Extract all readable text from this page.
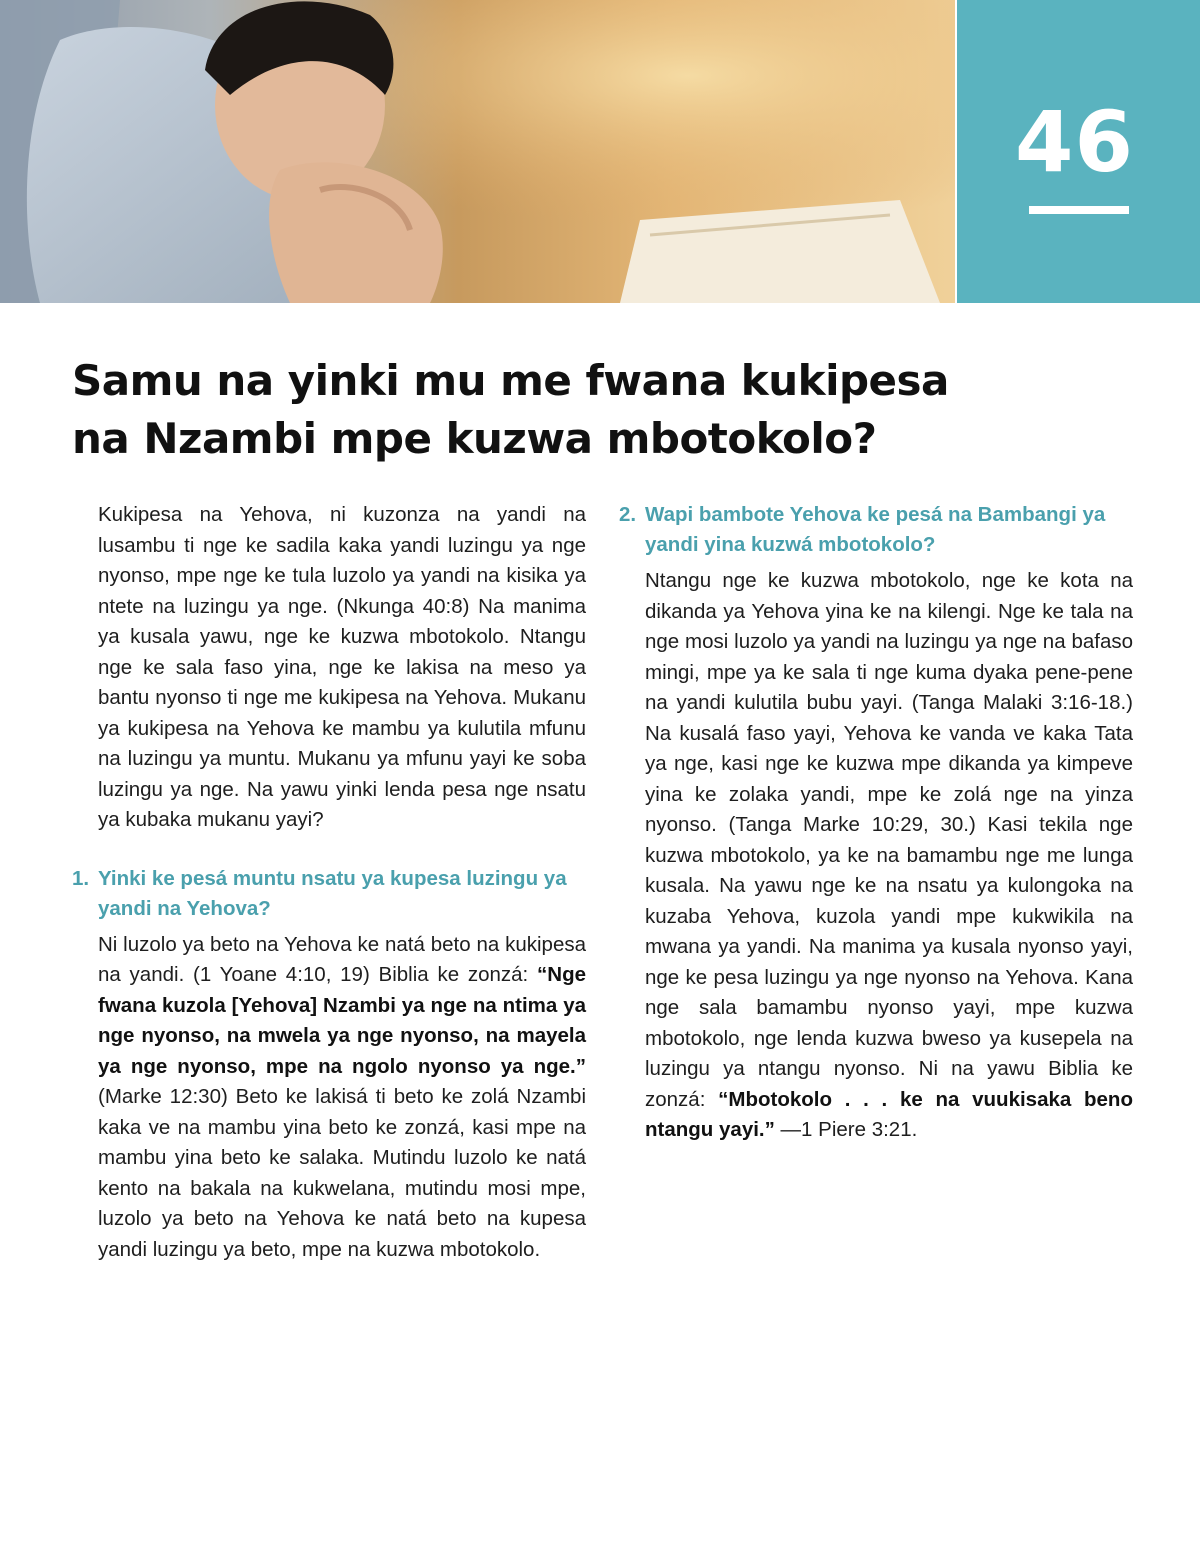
46
Samu na yinki mu me fwana kukipesa
na Nzambi mpe kuzwa mbotokolo?

Kukipesa na Yehova, ni kuzonza na yandi na lusambu ti nge ke sadila kaka yandi luzingu ya nge nyonso, mpe nge ke tula luzolo ya yandi na kisika ya ntete na luzingu ya nge. (Nkunga 40:8) Na manima ya kusala yawu, nge ke kuzwa mbotokolo. Ntangu nge ke sala faso yina, nge ke lakisa na meso ya bantu nyonso ti nge me kukipesa na Yehova. Mukanu ya kukipesa na Yehova ke mambu ya kulutila mfunu na luzingu ya muntu. Mukanu ya mfunu yayi ke soba luzingu ya nge. Na yawu yinki lenda pesa nge nsatu ya kubaka mukanu yayi?

1. Yinki ke pesá muntu nsatu ya kupesa luzingu ya yandi na Yehova?

Ni luzolo ya beto na Yehova ke natá beto na kukipesa na yandi. (1 Yoane 4:10, 19) Biblia ke zonzá: “Nge fwana kuzola [Yehova] Nzambi ya nge na ntima ya nge nyonso, na mwela ya nge nyonso, na mayela ya nge nyonso, mpe na ngolo nyonso ya nge.” (Marke 12:30) Beto ke lakisá ti beto ke zolá Nzambi kaka ve na mambu yina beto ke zonzá, kasi mpe na mambu yina beto ke salaka. Mutindu luzolo ke natá kento na bakala na kukwelana, mutindu mosi mpe, luzolo ya beto na Yehova ke natá beto na kupesa yandi luzingu ya beto, mpe na kuzwa mbotokolo.

2. Wapi bambote Yehova ke pesá na Bambangi ya yandi yina kuzwá mbotokolo?

Ntangu nge ke kuzwa mbotokolo, nge ke kota na dikanda ya Yehova yina ke na kilengi. Nge ke tala na nge mosi luzolo ya yandi na luzingu ya nge na bafaso mingi, mpe ya ke sala ti nge kuma dyaka pene-pene na yandi kulutila bubu yayi. (Tanga Malaki 3:16-18.) Na kusalá faso yayi, Yehova ke vanda ve kaka Tata ya nge, kasi nge ke kuzwa mpe dikanda ya kimpeve yina ke zolaka yandi, mpe ke zolá nge na yinza nyonso. (Tanga Marke 10:29, 30.) Kasi tekila nge kuzwa mbotokolo, ya ke na bamambu nge me lunga kusala. Na yawu nge ke na nsatu ya kulongoka na kuzaba Yehova, kuzola yandi mpe kukwikila na mwana ya yandi. Na manima ya kusala nyonso yayi, nge ke pesa luzingu ya nge nyonso na Yehova. Kana nge sala bamambu nyonso yayi, mpe kuzwa mbotokolo, nge lenda kuzwa bweso ya kusepela na luzingu ya ntangu nyonso. Ni na yawu Biblia ke zonzá: “Mbotokolo . . . ke na vuukisaka beno ntangu yayi.” —1 Piere 3:21.
